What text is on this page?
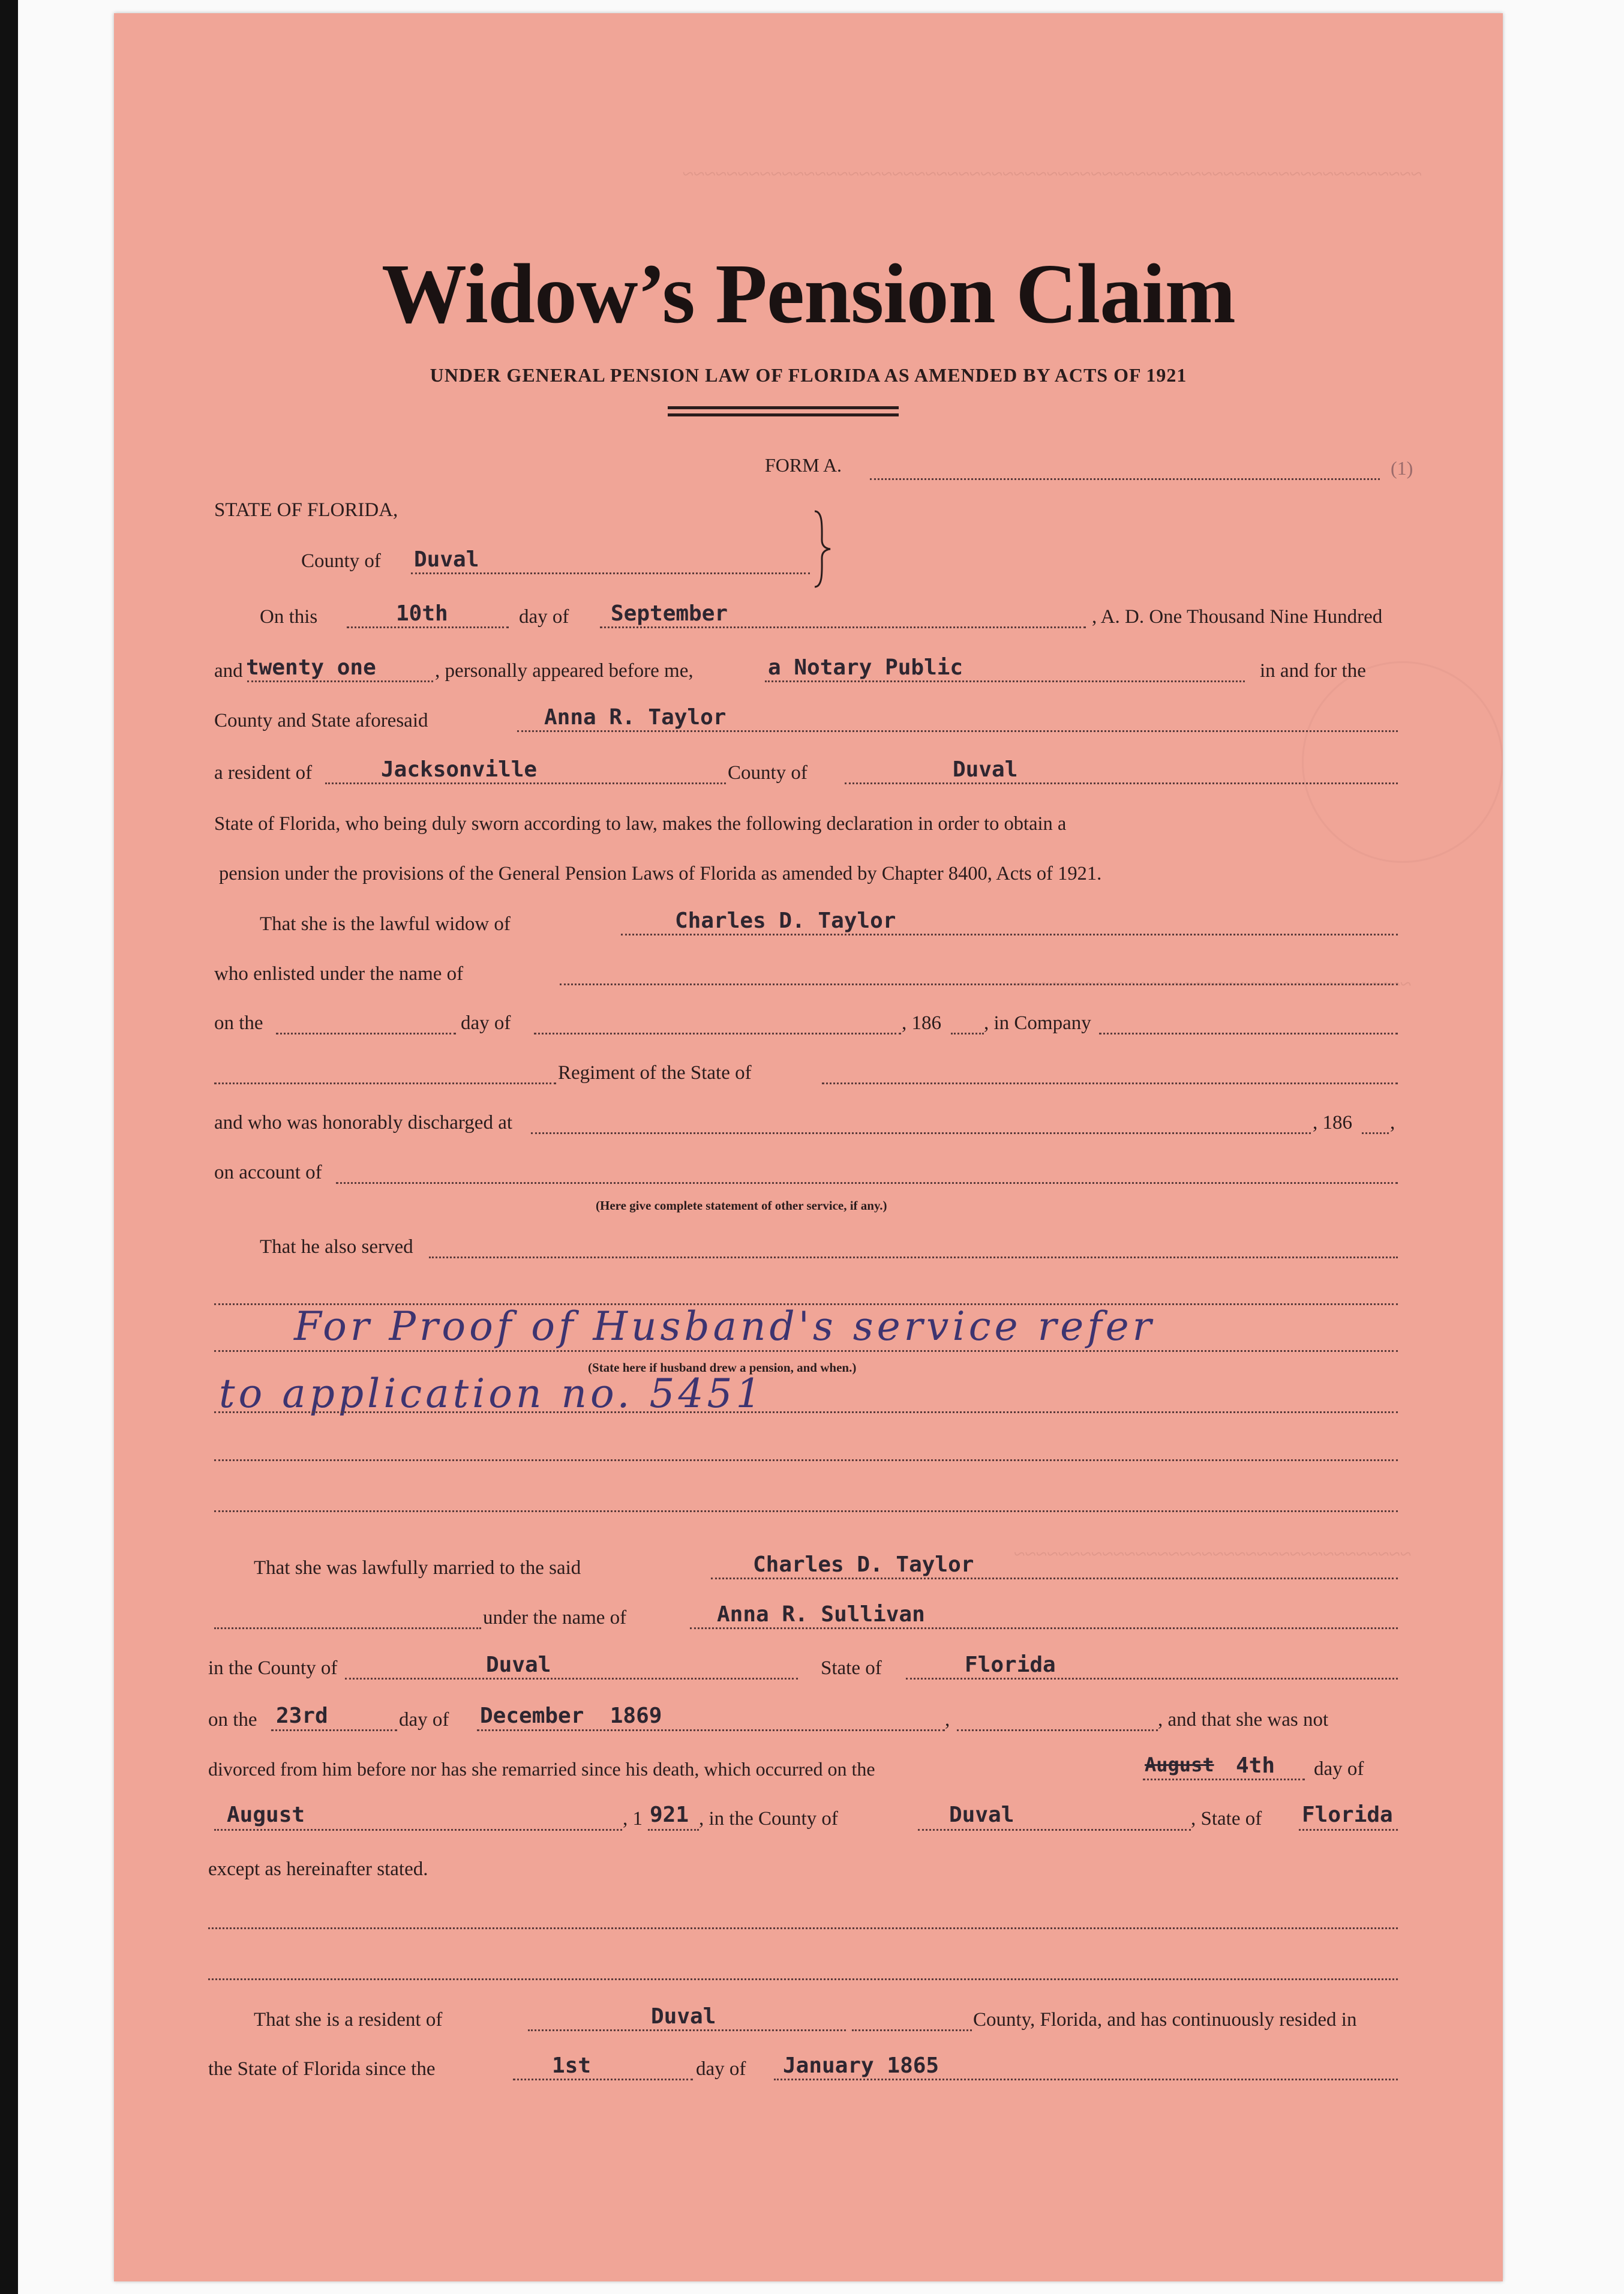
~~~~~~~~~~~~~~~~~~~~~~~~~~~~~~~~~~~~~~~~~~~~~~~~~~~~~~~~~~~~~~~~~~~
~~~~~~~~~~~~~~~~~~~~~~~~~~~~~~~~~~~~
~~~~~~~~~~~~~~~~~~~~~~~~~~~~~~~~~~~~
Widow’s Pension Claim
UNDER GENERAL PENSION LAW OF FLORIDA AS AMENDED BY ACTS OF 1921
FORM A.	(1)
STATE OF FLORIDA,
County of Duval
On this	10th	day of September	, A. D. One Thousand Nine Hundred
and twenty one	, personally appeared before me,	a Notary Public	in and for the
County and State aforesaid	Anna R. Taylor
a resident of	Jacksonville	County of	Duval
State of Florida, who being duly sworn according to law, makes the following declaration in order to obtain a
pension under the provisions of the General Pension Laws of Florida as amended by Chapter 8400, Acts of 1921.
That she is the lawful widow of	Charles D. Taylor
who enlisted under the name of
on the	day of	, 186 , in Company
Regiment of the State of
and who was honorably discharged at	, 186 ,
on account of
(Here give complete statement of other service, if any.)
That he also served
For Proof of Husband's service refer
(State here if husband drew a pension, and when.)
to application no. 5451
That she was lawfully married to the said	Charles D. Taylor
under the name of	Anna R. Sullivan
in the County of	Duval	State of	Florida
on the 23rd	day of December  1869	,	, and that she was not
divorced from him before nor has she remarried since his death, which occurred on the	August 4th day of
August	, 1 921 , in the County of	Duval	, State of Florida
except as hereinafter stated.
That she is a resident of	Duval	County, Florida, and has continuously resided in
the State of Florida since the	1st	day of January 1865
